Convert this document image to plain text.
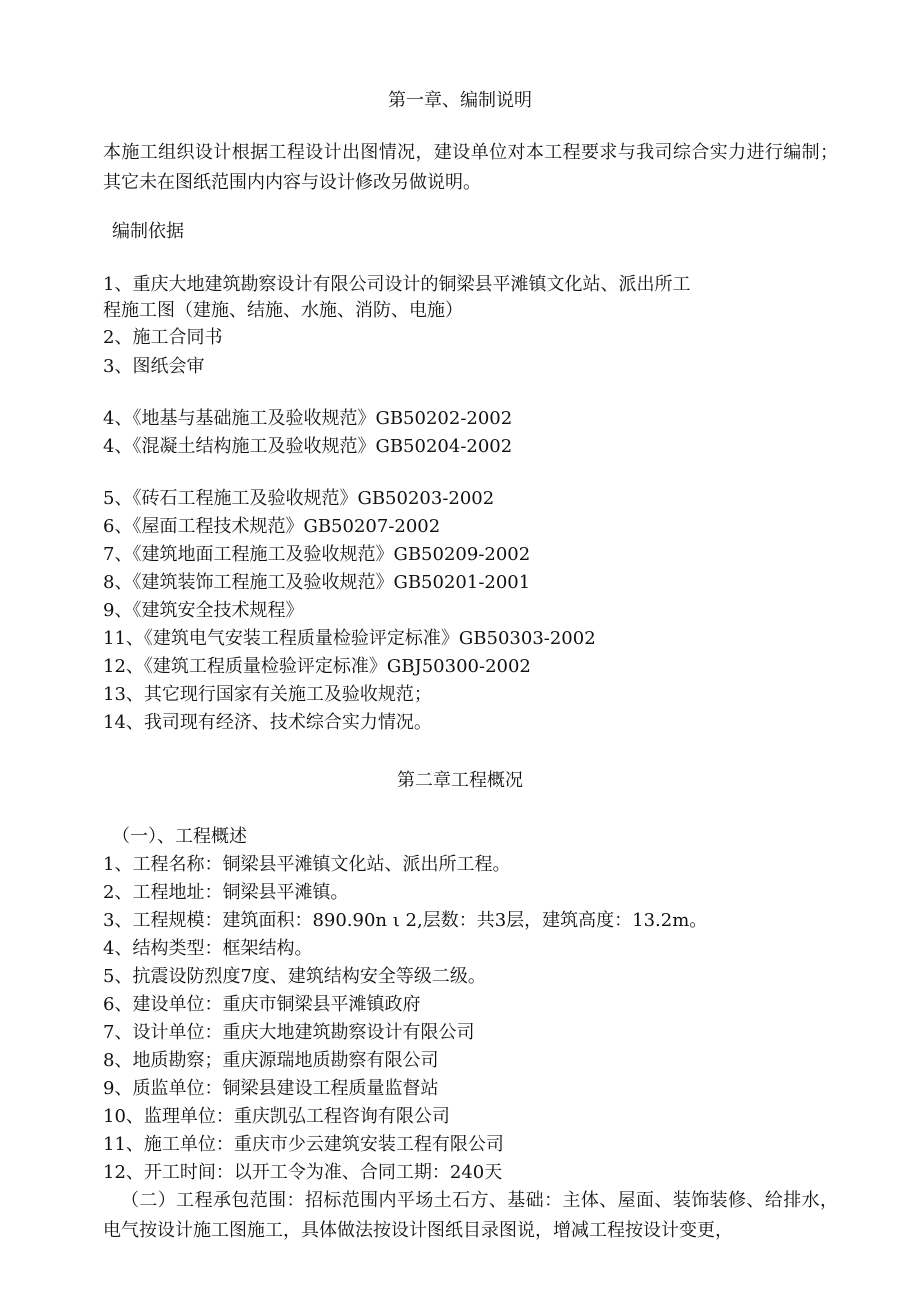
第一章、编制说明
本施工组织设计根据工程设计出图情况，建设单位对本工程要求与我司综合实力进行编制；其它未在图纸范围内内容与设计修改另做说明。
编制依据
1、重庆大地建筑勘察设计有限公司设计的铜梁县平滩镇文化站、派出所工
程施工图（建施、结施、水施、消防、电施）
2、施工合同书
3、图纸会审
4、《地基与基础施工及验收规范》GB50202-2002
4、《混凝土结构施工及验收规范》GB50204-2002
5、《砖石工程施工及验收规范》GB50203-2002
6、《屋面工程技术规范》GB50207-2002
7、《建筑地面工程施工及验收规范》GB50209-2002
8、《建筑装饰工程施工及验收规范》GB50201-2001
9、《建筑安全技术规程》
11、《建筑电气安装工程质量检验评定标准》GB50303-2002
12、《建筑工程质量检验评定标准》GBJ50300-2002
13、其它现行国家有关施工及验收规范；
14、我司现有经济、技术综合实力情况。
第二章工程概况
（一）、工程概述
1、工程名称：铜梁县平滩镇文化站、派出所工程。
2、工程地址：铜梁县平滩镇。
3、工程规模：建筑面积：890.90n ι 2,层数：共3层，建筑高度：13.2m。
4、结构类型：框架结构。
5、抗震设防烈度7度、建筑结构安全等级二级。
6、建设单位：重庆市铜梁县平滩镇政府
7、设计单位：重庆大地建筑勘察设计有限公司
8、地质勘察；重庆源瑞地质勘察有限公司
9、质监单位：铜梁县建设工程质量监督站
10、监理单位：重庆凯弘工程咨询有限公司
11、施工单位：重庆市少云建筑安装工程有限公司
12、开工时间：以开工令为准、合同工期：240天
（二）工程承包范围：招标范围内平场土石方、基础：主体、屋面、装饰装修、给排水，电气按设计施工图施工，具体做法按设计图纸目录图说，增减工程按设计变更，
